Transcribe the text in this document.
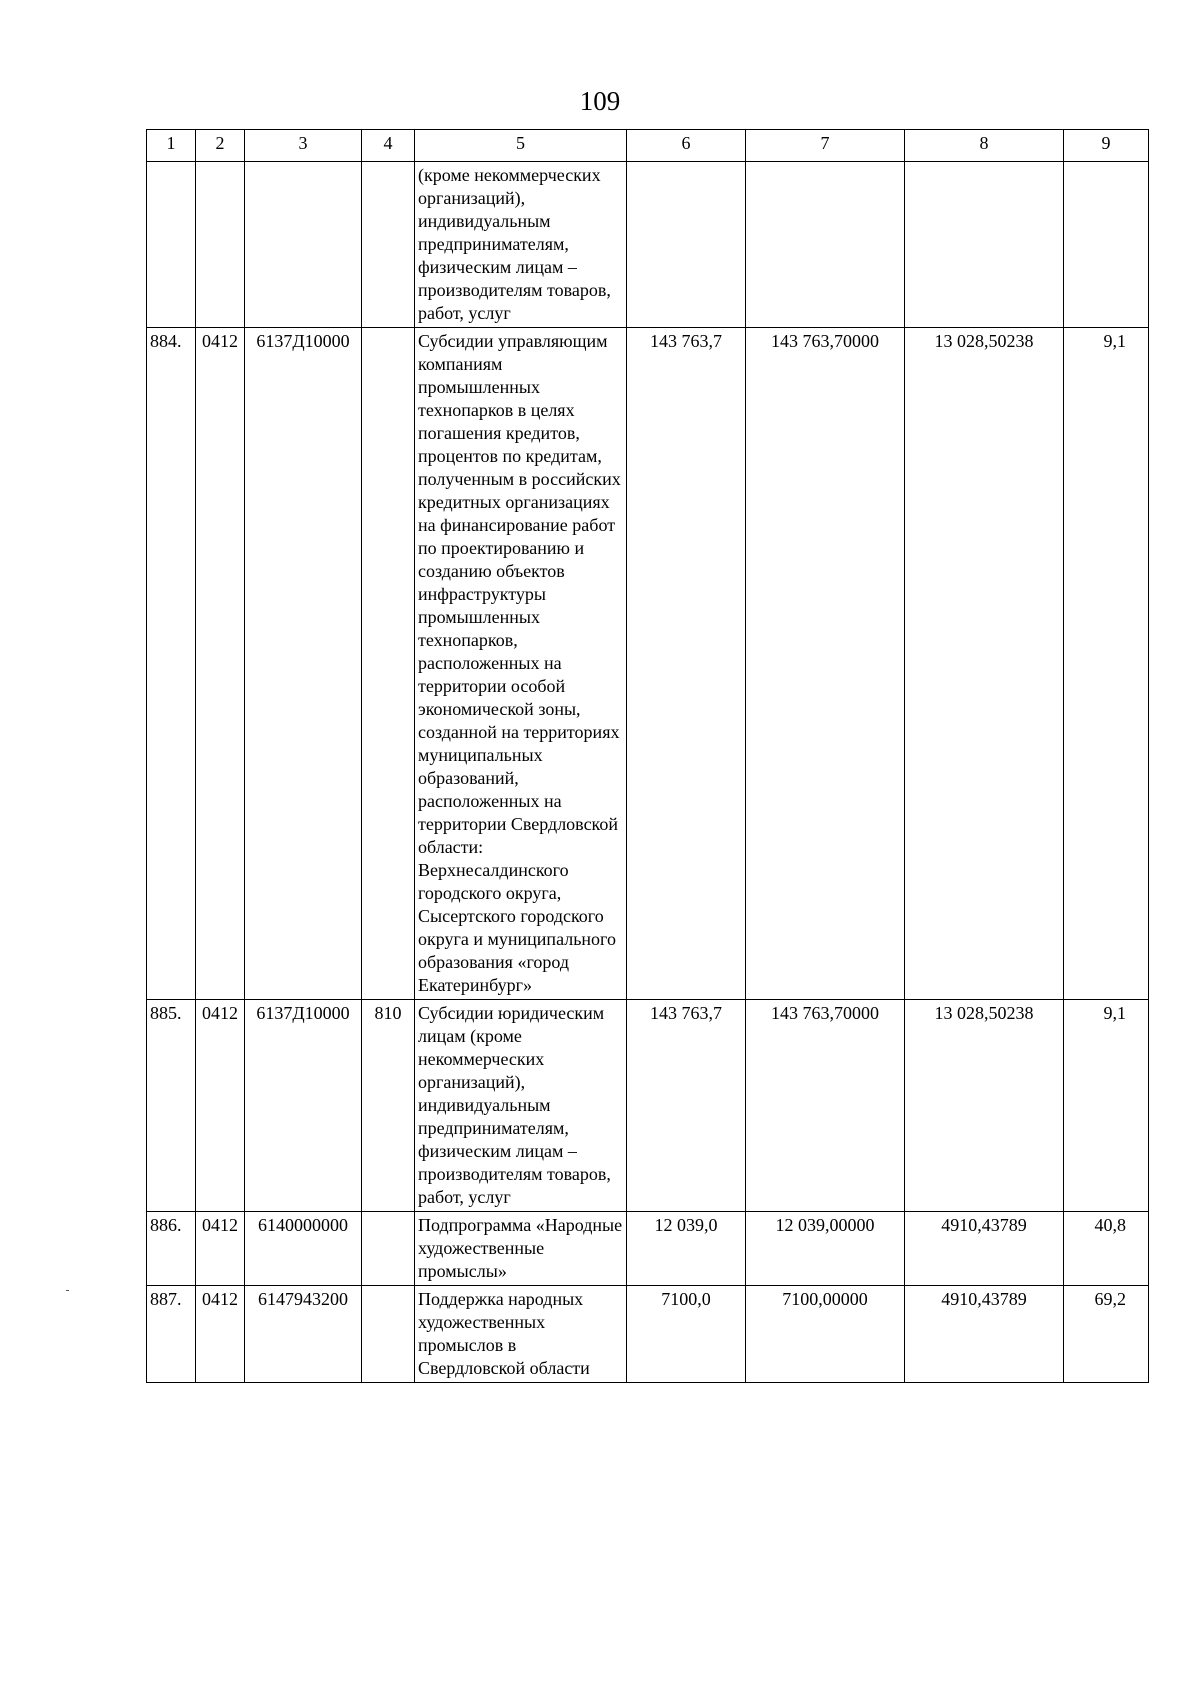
109
1	2	3	4	5	6	7	8	9
				(кроме некоммерческих организаций), индивидуальным предпринимателям, физическим лицам – производителям товаров, работ, услуг				
884.	0412	6137Д10000		Субсидии управляющим компаниям промышленных технопарков в целях погашения кредитов, процентов по кредитам, полученным в российских кредитных организациях на финансирование работ по проектированию и созданию объектов инфраструктуры промышленных технопарков, расположенных на территории особой экономической зоны, созданной на территориях муниципальных образований, расположенных на территории Свердловской области: Верхнесалдинского городского округа, Сысертского городского округа и муниципального образования «город Екатеринбург»	143 763,7	143 763,70000	13 028,50238	9,1
885.	0412	6137Д10000	810	Субсидии юридическим лицам (кроме некоммерческих организаций), индивидуальным предпринимателям, физическим лицам – производителям товаров, работ, услуг	143 763,7	143 763,70000	13 028,50238	9,1
886.	0412	6140000000		Подпрограмма «Народные художественные промыслы»	12 039,0	12 039,00000	4910,43789	40,8
887.	0412	6147943200		Поддержка народных художественных промыслов в Свердловской области	7100,0	7100,00000	4910,43789	69,2
